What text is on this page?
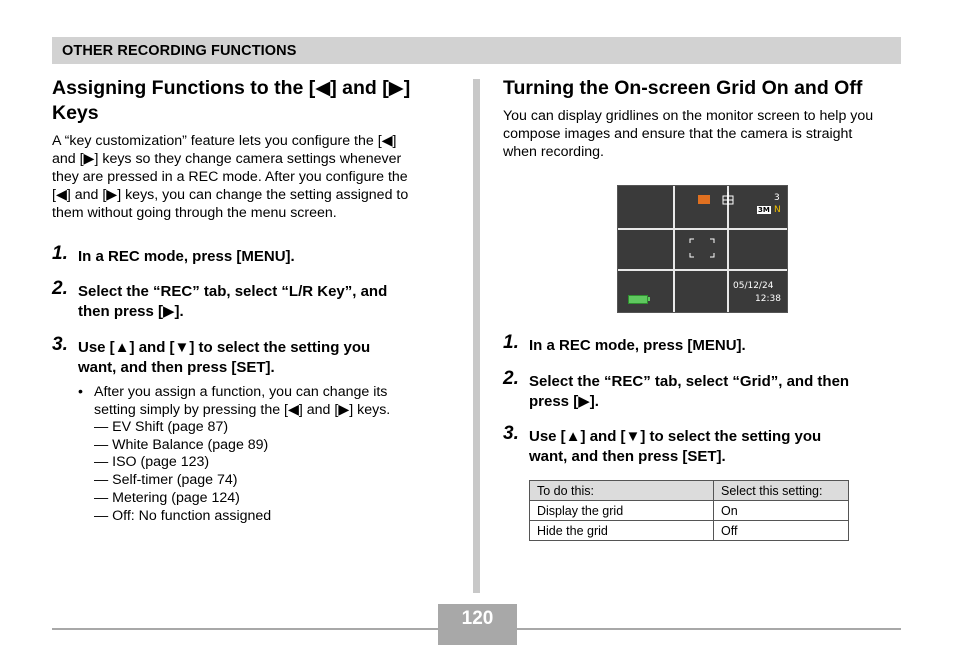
OTHER RECORDING FUNCTIONS
Assigning Functions to the [◀] and [▶] Keys

A “key customization” feature lets you configure the [◀]

and [▶] keys so they change camera settings whenever

they are pressed in a REC mode. After you configure the

[◀] and [▶] keys, you can change the setting assigned to

them without going through the menu screen.

1. In a REC mode, press [MENU].
2. Select the “REC” tab, select “L/R Key”, and
then press [▶].
3. Use [▲] and [▼] to select the setting you
want, and then press [SET].
• After you assign a function, you can change its
setting simply by pressing the [◀] and [▶] keys.
— EV Shift (page 87)
— White Balance (page 89)
— ISO (page 123)
— Self-timer (page 74)
— Metering (page 124)
— Off: No function assigned
Turning the On-screen Grid On and Off

You can display gridlines on the monitor screen to help you

compose images and ensure that the camera is straight

when recording.

1. In a REC mode, press [MENU].
2. Select the “REC” tab, select “Grid”, and then
press [▶].
3. Use [▲] and [▼] to select the setting you
want, and then press [SET].
3
3M N
05/12/24
12:38
To do this:	Select this setting:
Display the grid	On
Hide the grid	Off
120
